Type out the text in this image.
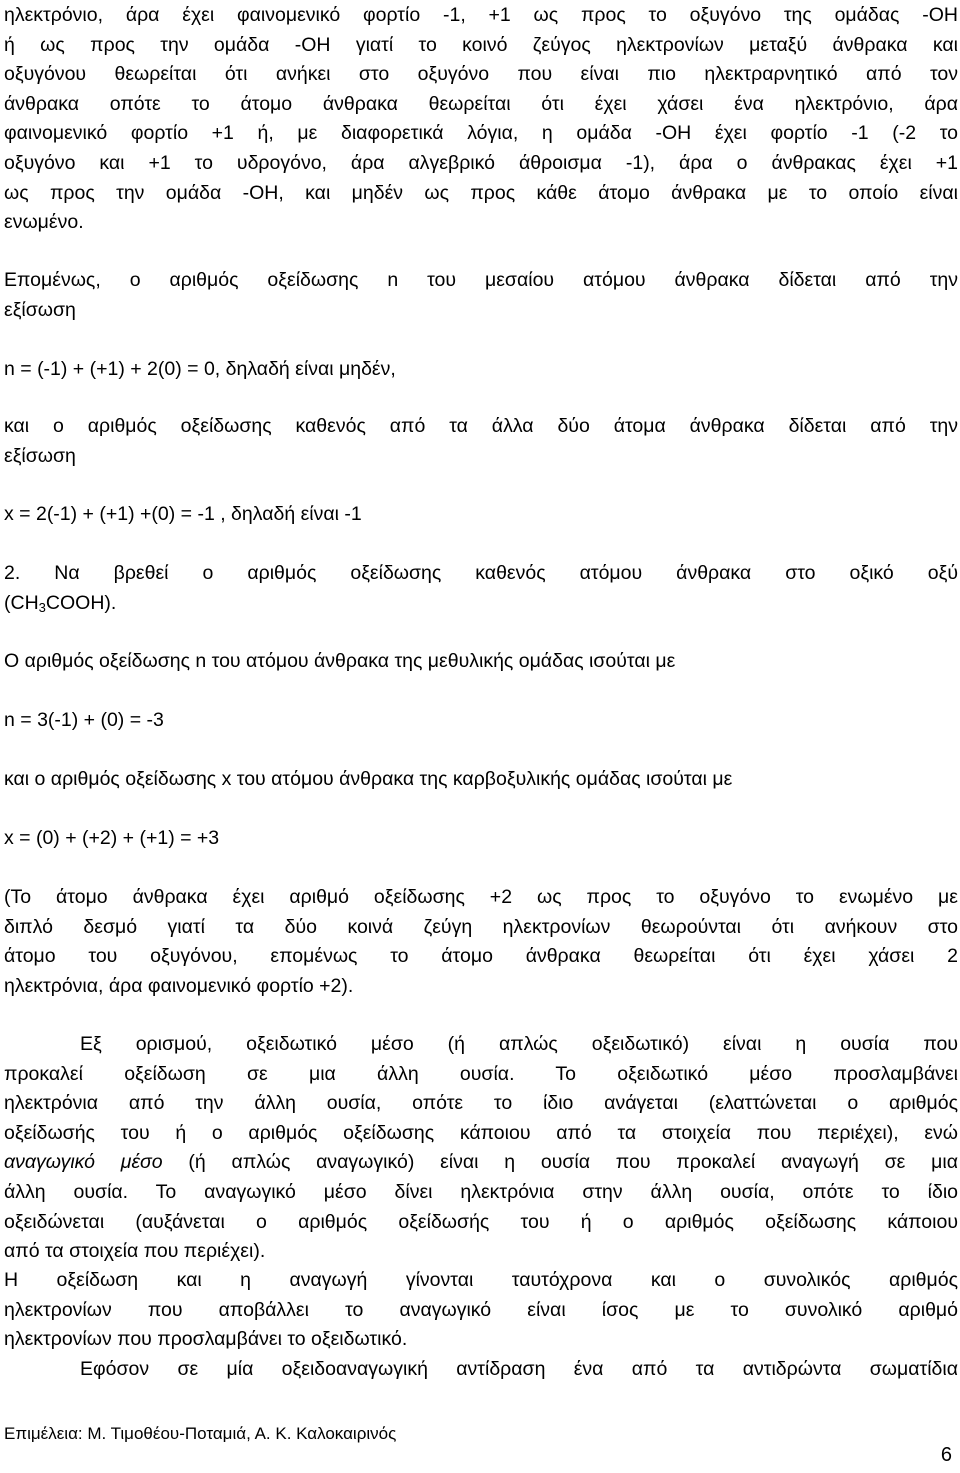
ηλεκτρόνιο, άρα έχει φαινομενικό φορτίο -1, +1 ως προς το οξυγόνο της ομάδας -ΟΗ
ή ως προς την ομάδα -ΟΗ γιατί το κοινό ζεύγος ηλεκτρονίων μεταξύ άνθρακα και
οξυγόνου θεωρείται ότι ανήκει στο οξυγόνο που είναι πιο ηλεκτραρνητικό από τον
άνθρακα οπότε το άτομο άνθρακα θεωρείται ότι έχει χάσει ένα ηλεκτρόνιο, άρα
φαινομενικό φορτίο +1 ή, με διαφορετικά λόγια, η ομάδα -ΟΗ έχει φορτίο -1 (-2 το
οξυγόνο και +1 το υδρογόνο, άρα αλγεβρικό άθροισμα -1), άρα ο άνθρακας έχει +1
ως προς την ομάδα -ΟΗ, και μηδέν ως προς κάθε άτομο άνθρακα με το οποίο είναι
ενωμένο.
Επομένως, ο αριθμός οξείδωσης n του μεσαίου ατόμου άνθρακα δίδεται από την
εξίσωση
n = (-1) + (+1) + 2(0) = 0, δηλαδή είναι μηδέν,
και ο αριθμός οξείδωσης καθενός από τα άλλα δύο άτομα άνθρακα δίδεται από την
εξίσωση
x = 2(-1) + (+1) +(0) = -1 , δηλαδή είναι -1
2. Να βρεθεί ο αριθμός οξείδωσης καθενός ατόμου άνθρακα στο οξικό οξύ
$(CH_3COOH)$.
Ο αριθμός οξείδωσης n του ατόμου άνθρακα της μεθυλικής ομάδας ισούται με
n = 3(-1) + (0) = -3
και ο αριθμός οξείδωσης x του ατόμου άνθρακα της καρβοξυλικής ομάδας ισούται με
x = (0) + (+2) + (+1) = +3
(Το άτομο άνθρακα έχει αριθμό οξείδωσης +2 ως προς το οξυγόνο το ενωμένο με
διπλό δεσμό γιατί τα δύο κοινά ζεύγη ηλεκτρονίων θεωρούνται ότι ανήκουν στο
άτομο του οξυγόνου, επομένως το άτομο άνθρακα θεωρείται ότι έχει χάσει 2
ηλεκτρόνια, άρα φαινομενικό φορτίο +2).
Εξ ορισμού, οξειδωτικό μέσο (ή απλώς οξειδωτικό) είναι η ουσία που
προκαλεί οξείδωση σε μια άλλη ουσία. Το οξειδωτικό μέσο προσλαμβάνει
ηλεκτρόνια από την άλλη ουσία, οπότε το ίδιο ανάγεται (ελαττώνεται ο αριθμός
οξείδωσής του ή ο αριθμός οξείδωσης κάποιου από τα στοιχεία που περιέχει), ενώ
αναγωγικό μέσο (ή απλώς αναγωγικό) είναι η ουσία που προκαλεί αναγωγή σε μια
άλλη ουσία. Το αναγωγικό μέσο δίνει ηλεκτρόνια στην άλλη ουσία, οπότε το ίδιο
οξειδώνεται (αυξάνεται ο αριθμός οξείδωσής του ή ο αριθμός οξείδωσης κάποιου
από τα στοιχεία που περιέχει).
Η οξείδωση και η αναγωγή γίνονται ταυτόχρονα και ο συνολικός αριθμός
ηλεκτρονίων που αποβάλλει το αναγωγικό είναι ίσος με το συνολικό αριθμό
ηλεκτρονίων που προσλαμβάνει το οξειδωτικό.
Εφόσον σε μία οξειδοαναγωγική αντίδραση ένα από τα αντιδρώντα σωματίδια
Επιμέλεια: Μ. Τιμοθέου-Ποταμιά, Α. Κ. Καλοκαιρινός
6
